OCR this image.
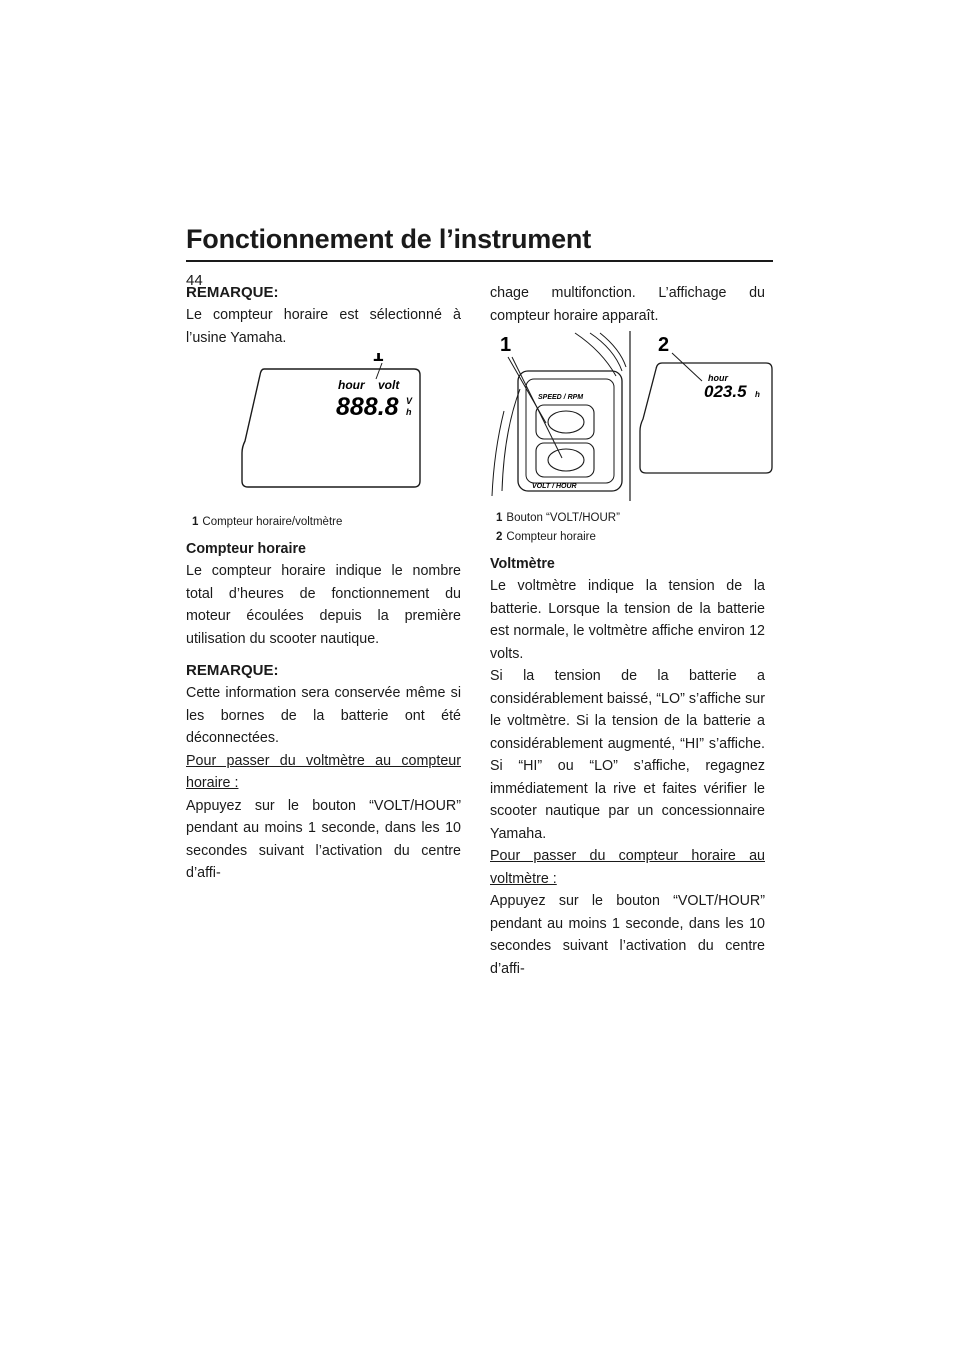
Fonctionnement de l’instrument
44

REMARQUE:

Le compteur horaire est sélectionné à l’usine Yamaha.

1
hour volt
888.8 V
h
1 Compteur horaire/voltmètre

Compteur horaire

Le compteur horaire indique le nombre total d’heures de fonctionnement du moteur écoulées depuis la première utilisation du scooter nautique.

REMARQUE:

Cette information sera conservée même si les bornes de la batterie ont été déconnectées.

Pour passer du voltmètre au compteur horaire :

Appuyez sur le bouton “VOLT/HOUR” pendant au moins 1 seconde, dans les 10 secondes suivant l’activation du centre d’affi-

chage multifonction. L’affichage du compteur horaire apparaît.

SPEED / RPM
VOLT / HOUR
1	2
hour
023.5 h
1 Bouton “VOLT/HOUR”
2 Compteur horaire

Voltmètre

Le voltmètre indique la tension de la batterie. Lorsque la tension de la batterie est normale, le voltmètre affiche environ 12 volts.

Si la tension de la batterie a considérablement baissé, “LO” s’affiche sur le voltmètre. Si la tension de la batterie a considérablement augmenté, “HI” s’affiche. Si “HI” ou “LO” s’affiche, regagnez immédiatement la rive et faites vérifier le scooter nautique par un concessionnaire Yamaha.

Pour passer du compteur horaire au voltmètre :

Appuyez sur le bouton “VOLT/HOUR” pendant au moins 1 seconde, dans les 10 secondes suivant l’activation du centre d’affi-
